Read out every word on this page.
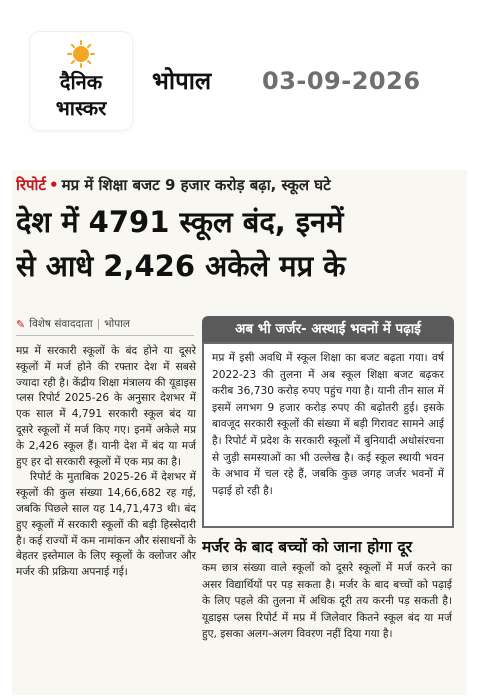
दैनिक
भास्कर
भोपाल 03-09-2026
रिपोर्ट • मप्र में शिक्षा बजट 9 हजार करोड़ बढ़ा, स्कूल घटे
देश में 4791 स्कूल बंद, इनमें
से आधे 2,426 अकेले मप्र के
✎ विशेष संवाददाता | भोपाल

मप्र में सरकारी स्कूलों के बंद होने या दूसरे स्कूलों में मर्ज होने की रफ्तार देश में सबसे ज्यादा रही है। केंद्रीय शिक्षा मंत्रालय की यूडाइस प्लस रिपोर्ट 2025-26 के अनुसार देशभर में एक साल में 4,791 सरकारी स्कूल बंद या दूसरे स्कूलों में मर्ज किए गए। इनमें अकेले मप्र के 2,426 स्कूल हैं। यानी देश में बंद या मर्ज हुए हर दो सरकारी स्कूलों में एक मप्र का है।

रिपोर्ट के मुताबिक 2025-26 में देशभर में स्कूलों की कुल संख्या 14,66,682 रह गई, जबकि पिछले साल यह 14,71,473 थी। बंद हुए स्कूलों में सरकारी स्कूलों की बड़ी हिस्सेदारी है। कई राज्यों में कम नामांकन और संसाधनों के बेहतर इस्तेमाल के लिए स्कूलों के क्लोजर और मर्जर की प्रक्रिया अपनाई गई।

अब भी जर्जर- अस्थाई भवनों में पढ़ाई
मप्र में इसी अवधि में स्कूल शिक्षा का बजट बढ़ता गया। वर्ष 2022-23 की तुलना में अब स्कूल शिक्षा बजट बढ़कर करीब 36,730 करोड़ रुपए पहुंच गया है। यानी तीन साल में इसमें लगभग 9 हजार करोड़ रुपए की बढ़ोतरी हुई। इसके बावजूद सरकारी स्कूलों की संख्या में बड़ी गिरावट सामने आई है। रिपोर्ट में प्रदेश के सरकारी स्कूलों में बुनियादी अधोसंरचना से जुड़ी समस्याओं का भी उल्लेख है। कई स्कूल स्थायी भवन के अभाव में चल रहे हैं, जबकि कुछ जगह जर्जर भवनों में पढ़ाई हो रही है।
मर्जर के बाद बच्चों को जाना होगा दूर
कम छात्र संख्या वाले स्कूलों को दूसरे स्कूलों में मर्ज करने का असर विद्यार्थियों पर पड़ सकता है। मर्जर के बाद बच्चों को पढ़ाई के लिए पहले की तुलना में अधिक दूरी तय करनी पड़ सकती है। यूडाइस प्लस रिपोर्ट में मप्र में जिलेवार कितने स्कूल बंद या मर्ज हुए, इसका अलग-अलग विवरण नहीं दिया गया है।
